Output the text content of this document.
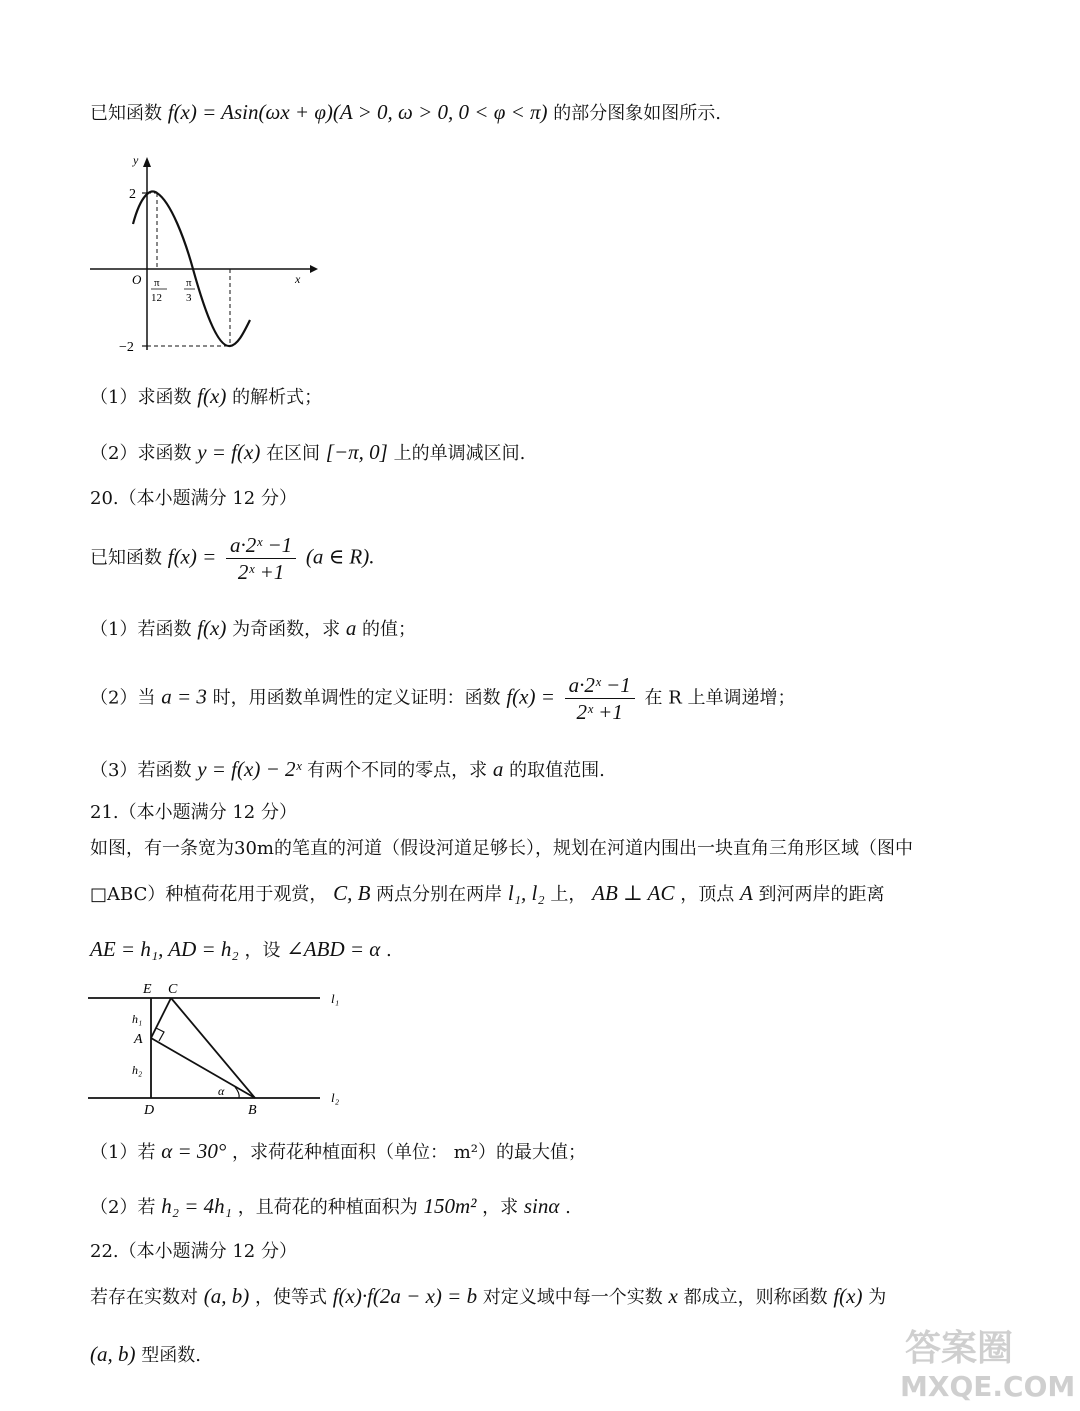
已知函数 f(x) = Asin(ωx + φ)(A > 0, ω > 0, 0 < φ < π) 的部分图象如图所示.
y
x
O
2
−2
π
12
π
3
（1）求函数 f(x) 的解析式；
（2）求函数 y = f(x) 在区间 [−π, 0] 上的单调减区间.
20.（本小题满分 12 分）
已知函数 $f(x) = \frac{\text{a·2ˣ −1}}{\text{2ˣ +1}} (a$ ∈ R).
（1）若函数 f(x) 为奇函数，求 a 的值；
（2）当 a = 3 时，用函数单调性的定义证明：函数 $f(x) = \frac{\text{a·2ˣ −1}}{\text{2ˣ +1}}$ 在 R 上单调递增；
（3）若函数 y = f(x) − 2ˣ 有两个不同的零点，求 a 的取值范围.
21.（本小题满分 12 分）
如图，有一条宽为30m的笔直的河道（假设河道足够长），规划在河道内围出一块直角三角形区域（图中
□ABC）种植荷花用于观赏， C, B 两点分别在两岸 l₁, l₂ 上， AB ⊥ AC ，顶点 A 到河两岸的距离
AE = h₁, AD = h₂ ，设 ∠ABD = α .
E C
A
D	B
h₁
h₂
α
l₁
l₂
（1）若 α = 30° ，求荷花种植面积（单位： m²）的最大值；
（2）若 h₂ = 4h₁ ，且荷花的种植面积为 150m² ，求 sinα .
22.（本小题满分 12 分）
若存在实数对 (a, b) ，使等式 f(x)·f(2a − x) = b 对定义域中每一个实数 x 都成立，则称函数 f(x) 为
(a, b) 型函数.	答案圈
MXQE.COM
